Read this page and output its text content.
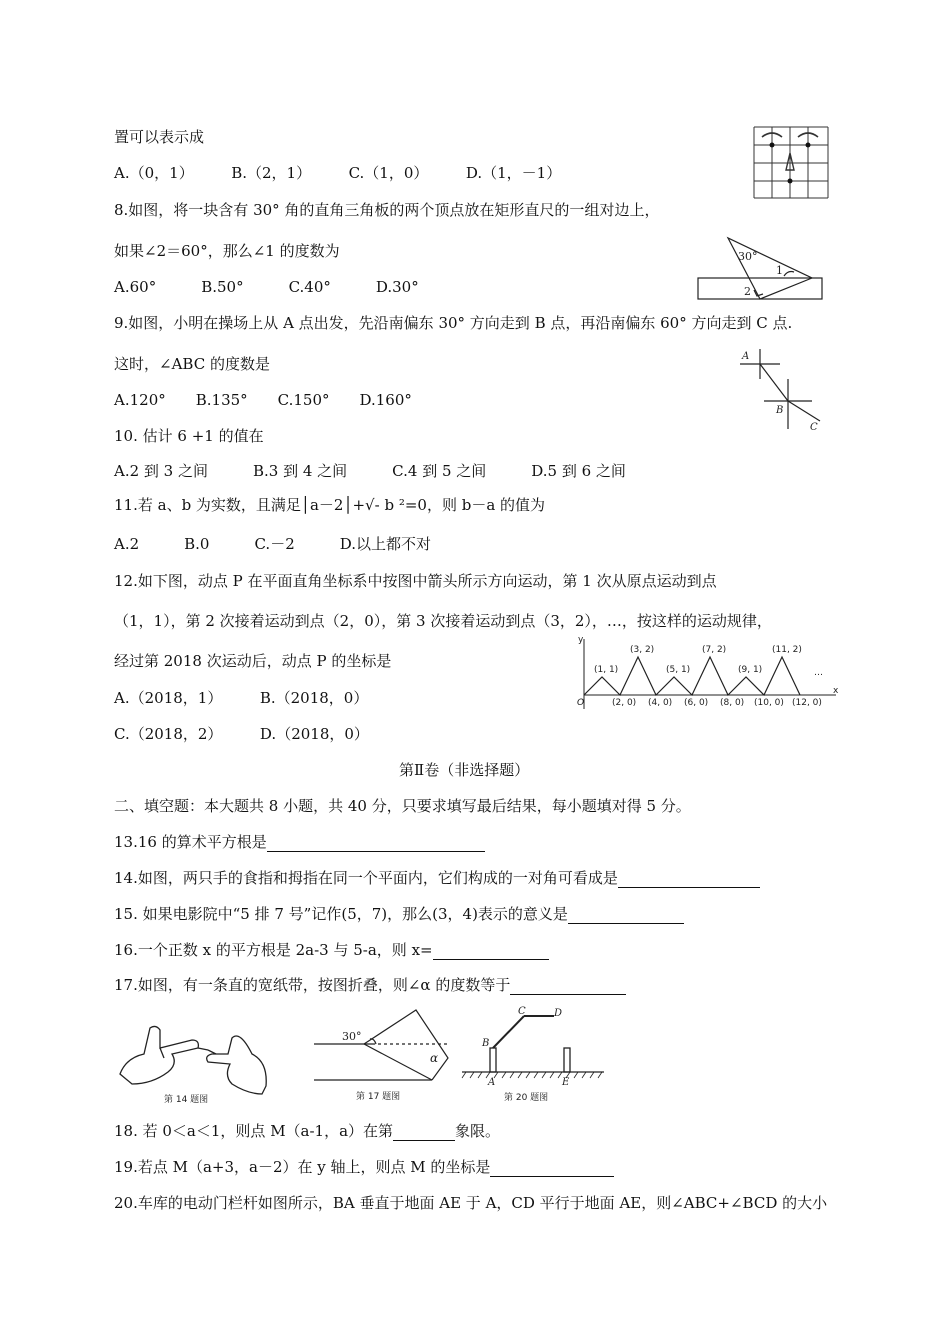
置可以表示成
A.（0，1）　　　B.（2，1）　　　C.（1，0）　　　D.（1，－1）
8.如图，将一块含有 30° 角的直角三角板的两个顶点放在矩形直尺的一组对边上，
如果∠2＝60°，那么∠1 的度数为
A.60°　　　B.50°　　　C.40°　　　D.30°
9.如图，小明在操场上从 A 点出发，先沿南偏东 30° 方向走到 B 点，再沿南偏东 60° 方向走到 C 点.
这时，∠ABC 的度数是
A.120°　　B.135°　　C.150°　　D.160°
10. 估计 6 +1 的值在
A.2 到 3 之间　　　B.3 到 4 之间　　　C.4 到 5 之间　　　D.5 到 6 之间
11.若 a、b 为实数，且满足│a－2│+√- b ²=0，则 b－a 的值为
A.2　　　B.0　　　C.－2　　　D.以上都不对
12.如下图，动点 P 在平面直角坐标系中按图中箭头所示方向运动，第 1 次从原点运动到点
（1，1），第 2 次接着运动到点（2，0），第 3 次接着运动到点（3，2），…，按这样的运动规律，
经过第 2018 次运动后，动点 P 的坐标是
A.（2018，1）　　　B.（2018，0）
C.（2018，2）　　　D.（2018，0）
第Ⅱ卷（非选择题）
二、填空题：本大题共 8 小题，共 40 分，只要求填写最后结果，每小题填对得 5 分。
13.16 的算术平方根是
14.如图，两只手的食指和拇指在同一个平面内，它们构成的一对角可看成是
15. 如果电影院中“5 排 7 号”记作(5，7)，那么(3，4)表示的意义是
16.一个正数 x 的平方根是 2a-3 与 5-a，则 x=
17.如图，有一条直的宽纸带，按图折叠，则∠α 的度数等于
18. 若 0＜a＜1，则点 M（a-1，a）在第	象限。
19.若点 M（a+3，a－2）在 y 轴上，则点 M 的坐标是
20.车库的电动门栏杆如图所示，BA 垂直于地面 AE 于 A，CD 平行于地面 AE，则∠ABC+∠BCD 的大小
30°
1
2
A
B
C
y
x
O
(1, 1)
(3, 2)
(5, 1)
(7, 2)
(9, 1)
(11, 2)
…
(2, 0) (4, 0) (6, 0) (8, 0) (10, 0) (12, 0)
第 14 题图
30°
α
第 17 题图
B
C	D
A	E
第 20 题图
